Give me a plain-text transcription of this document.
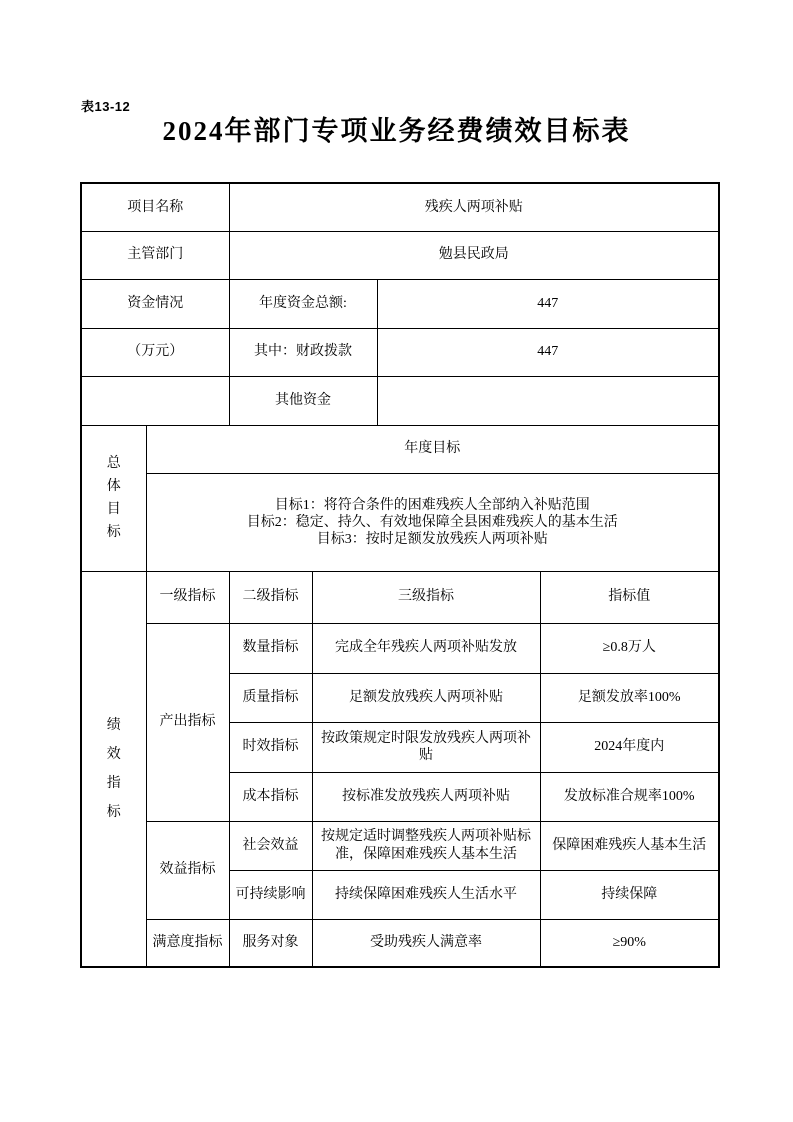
表13-12
2024年部门专项业务经费绩效目标表
项目名称		残疾人两项补贴			
主管部门		勉县民政局			
资金情况		年度资金总额:		447	
（万元）		其中：财政拨款		447	
		其他资金			

总体目标	年度目标				

	目标1：将符合条件的困难残疾人全部纳入补贴范围
目标2：稳定、持久、有效地保障全县困难残疾人的基本生活
目标3：按时足额发放残疾人两项补贴				

绩效指标	一级指标	二级指标	三级指标		指标值
	产出指标	数量指标	完成全年残疾人两项补贴发放		≥0.8万人
		质量指标	足额发放残疾人两项补贴		足额发放率100%
		时效指标	按政策规定时限发放残疾人两项补贴		2024年度内
		成本指标	按标准发放残疾人两项补贴		发放标准合规率100%
	效益指标	社会效益	按规定适时调整残疾人两项补贴标准，保障困难残疾人基本生活		保障困难残疾人基本生活
		可持续影响	持续保障困难残疾人生活水平		持续保障
	满意度指标	服务对象	受助残疾人满意率		≥90%
